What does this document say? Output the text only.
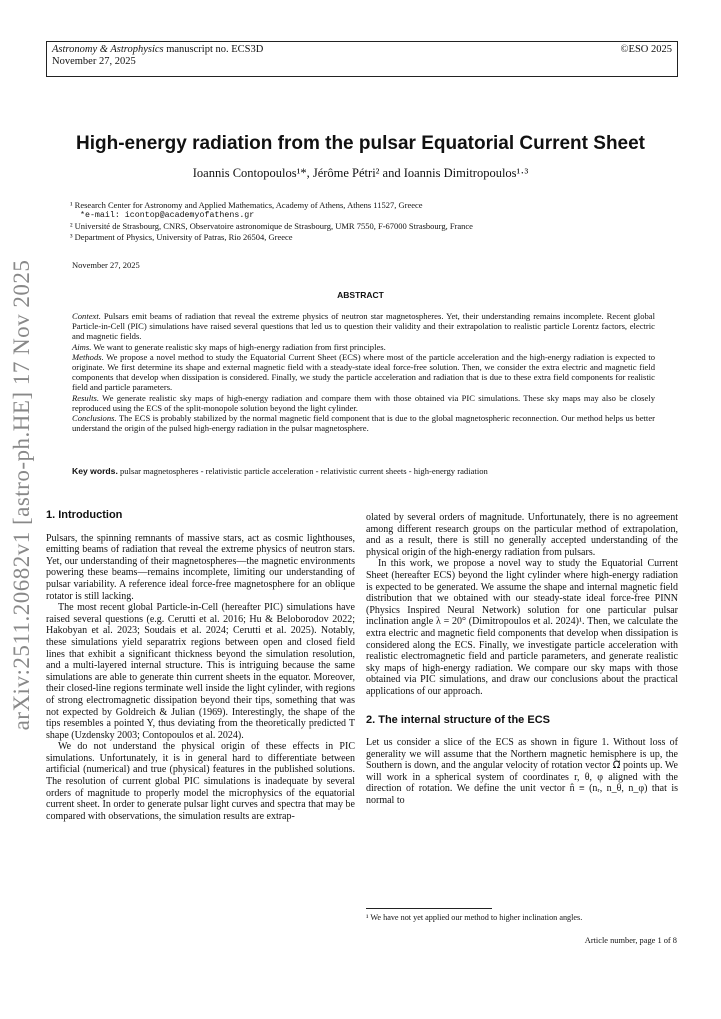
Astronomy & Astrophysics manuscript no. ECS3D
November 27, 2025
©ESO 2025
arXiv:2511.20682v1 [astro-ph.HE] 17 Nov 2025
High-energy radiation from the pulsar Equatorial Current Sheet
Ioannis Contopoulos¹*, Jérôme Pétri² and Ioannis Dimitropoulos¹·³
¹ Research Center for Astronomy and Applied Mathematics, Academy of Athens, Athens 11527, Greece
*e-mail: icontop@academyofathens.gr
² Université de Strasbourg, CNRS, Observatoire astronomique de Strasbourg, UMR 7550, F-67000 Strasbourg, France
³ Department of Physics, University of Patras, Rio 26504, Greece
November 27, 2025
ABSTRACT

Context. Pulsars emit beams of radiation that reveal the extreme physics of neutron star magnetospheres. Yet, their understanding remains incomplete. Recent global Particle-in-Cell (PIC) simulations have raised several questions that led us to question their validity and their extrapolation to realistic particle Lorentz factors, electric and magnetic fields.

Aims. We want to generate realistic sky maps of high-energy radiation from first principles.

Methods. We propose a novel method to study the Equatorial Current Sheet (ECS) where most of the particle acceleration and the high-energy radiation is expected to originate. We first determine its shape and external magnetic field with a steady-state ideal force-free solution. Then, we consider the extra electric and magnetic field components that develop when dissipation is considered. Finally, we study the particle acceleration and radiation that is due to these extra field components for realistic field and particle parameters.

Results. We generate realistic sky maps of high-energy radiation and compare them with those obtained via PIC simulations. These sky maps may also be closely reproduced using the ECS of the split-monopole solution beyond the light cylinder.

Conclusions. The ECS is probably stabilized by the normal magnetic field component that is due to the global magnetospheric reconnection. Our method helps us better understand the origin of the pulsed high-energy radiation in the pulsar magnetosphere.

Key words. pulsar magnetospheres - relativistic particle acceleration - relativistic current sheets - high-energy radiation
1. Introduction

Pulsars, the spinning remnants of massive stars, act as cosmic lighthouses, emitting beams of radiation that reveal the extreme physics of neutron stars. Yet, our understanding of their magnetospheres—the magnetic environments powering these beams—remains incomplete, limiting our understanding of pulsar variability. A reference ideal force-free magnetosphere for an oblique rotator is still lacking.

The most recent global Particle-in-Cell (hereafter PIC) simulations have raised several questions (e.g. Cerutti et al. 2016; Hu & Beloborodov 2022; Hakobyan et al. 2023; Soudais et al. 2024; Cerutti et al. 2025). Notably, these simulations yield separatrix regions between open and closed field lines that exhibit a significant thickness beyond the simulation resolution, and a multi-layered internal structure. This is intriguing because the same simulations are able to generate thin current sheets in the equator. Moreover, their closed-line regions terminate well inside the light cylinder, with regions of strong electromagnetic dissipation beyond their tips, something that was not expected by Goldreich & Julian (1969). Interestingly, the shape of the tips resembles a pointed Y, thus deviating from the theoretically predicted T shape (Uzdensky 2003; Contopoulos et al. 2024).

We do not understand the physical origin of these effects in PIC simulations. Unfortunately, it is in general hard to differentiate between artificial (numerical) and true (physical) features in the published solutions. The resolution of current global PIC simulations is inadequate by several orders of magnitude to properly model the microphysics of the equatorial current sheet. In order to generate pulsar light curves and spectra that may be compared with observations, the simulation results are extrap-

olated by several orders of magnitude. Unfortunately, there is no agreement among different research groups on the particular method of extrapolation, and as a result, there is still no generally accepted understanding of the physical origin of the high-energy radiation from pulsars.

In this work, we propose a novel way to study the Equatorial Current Sheet (hereafter ECS) beyond the light cylinder where high-energy radiation is expected to be generated. We assume the shape and internal magnetic field distribution that we obtained with our steady-state ideal force-free PINN (Physics Inspired Neural Network) solution for one particular pulsar inclination angle λ = 20° (Dimitropoulos et al. 2024)¹. Then, we calculate the extra electric and magnetic field components that develop when dissipation is considered along the ECS. Finally, we investigate particle acceleration with realistic electromagnetic field and particle parameters, and generate realistic sky maps of high-energy radiation. We compare our sky maps with those obtained via PIC simulations, and draw our conclusions about the practical applications of our approach.

2. The internal structure of the ECS

Let us consider a slice of the ECS as shown in figure 1. Without loss of generality we will assume that the Northern magnetic hemisphere is up, the Southern is down, and the angular velocity of rotation vector Ω⃗ points up. We will work in a spherical system of coordinates r, θ, φ aligned with the direction of rotation. We define the unit vector n̂ ≡ (nᵣ, n_θ, n_φ) that is normal to

¹ We have not yet applied our method to higher inclination angles.
Article number, page 1 of 8
